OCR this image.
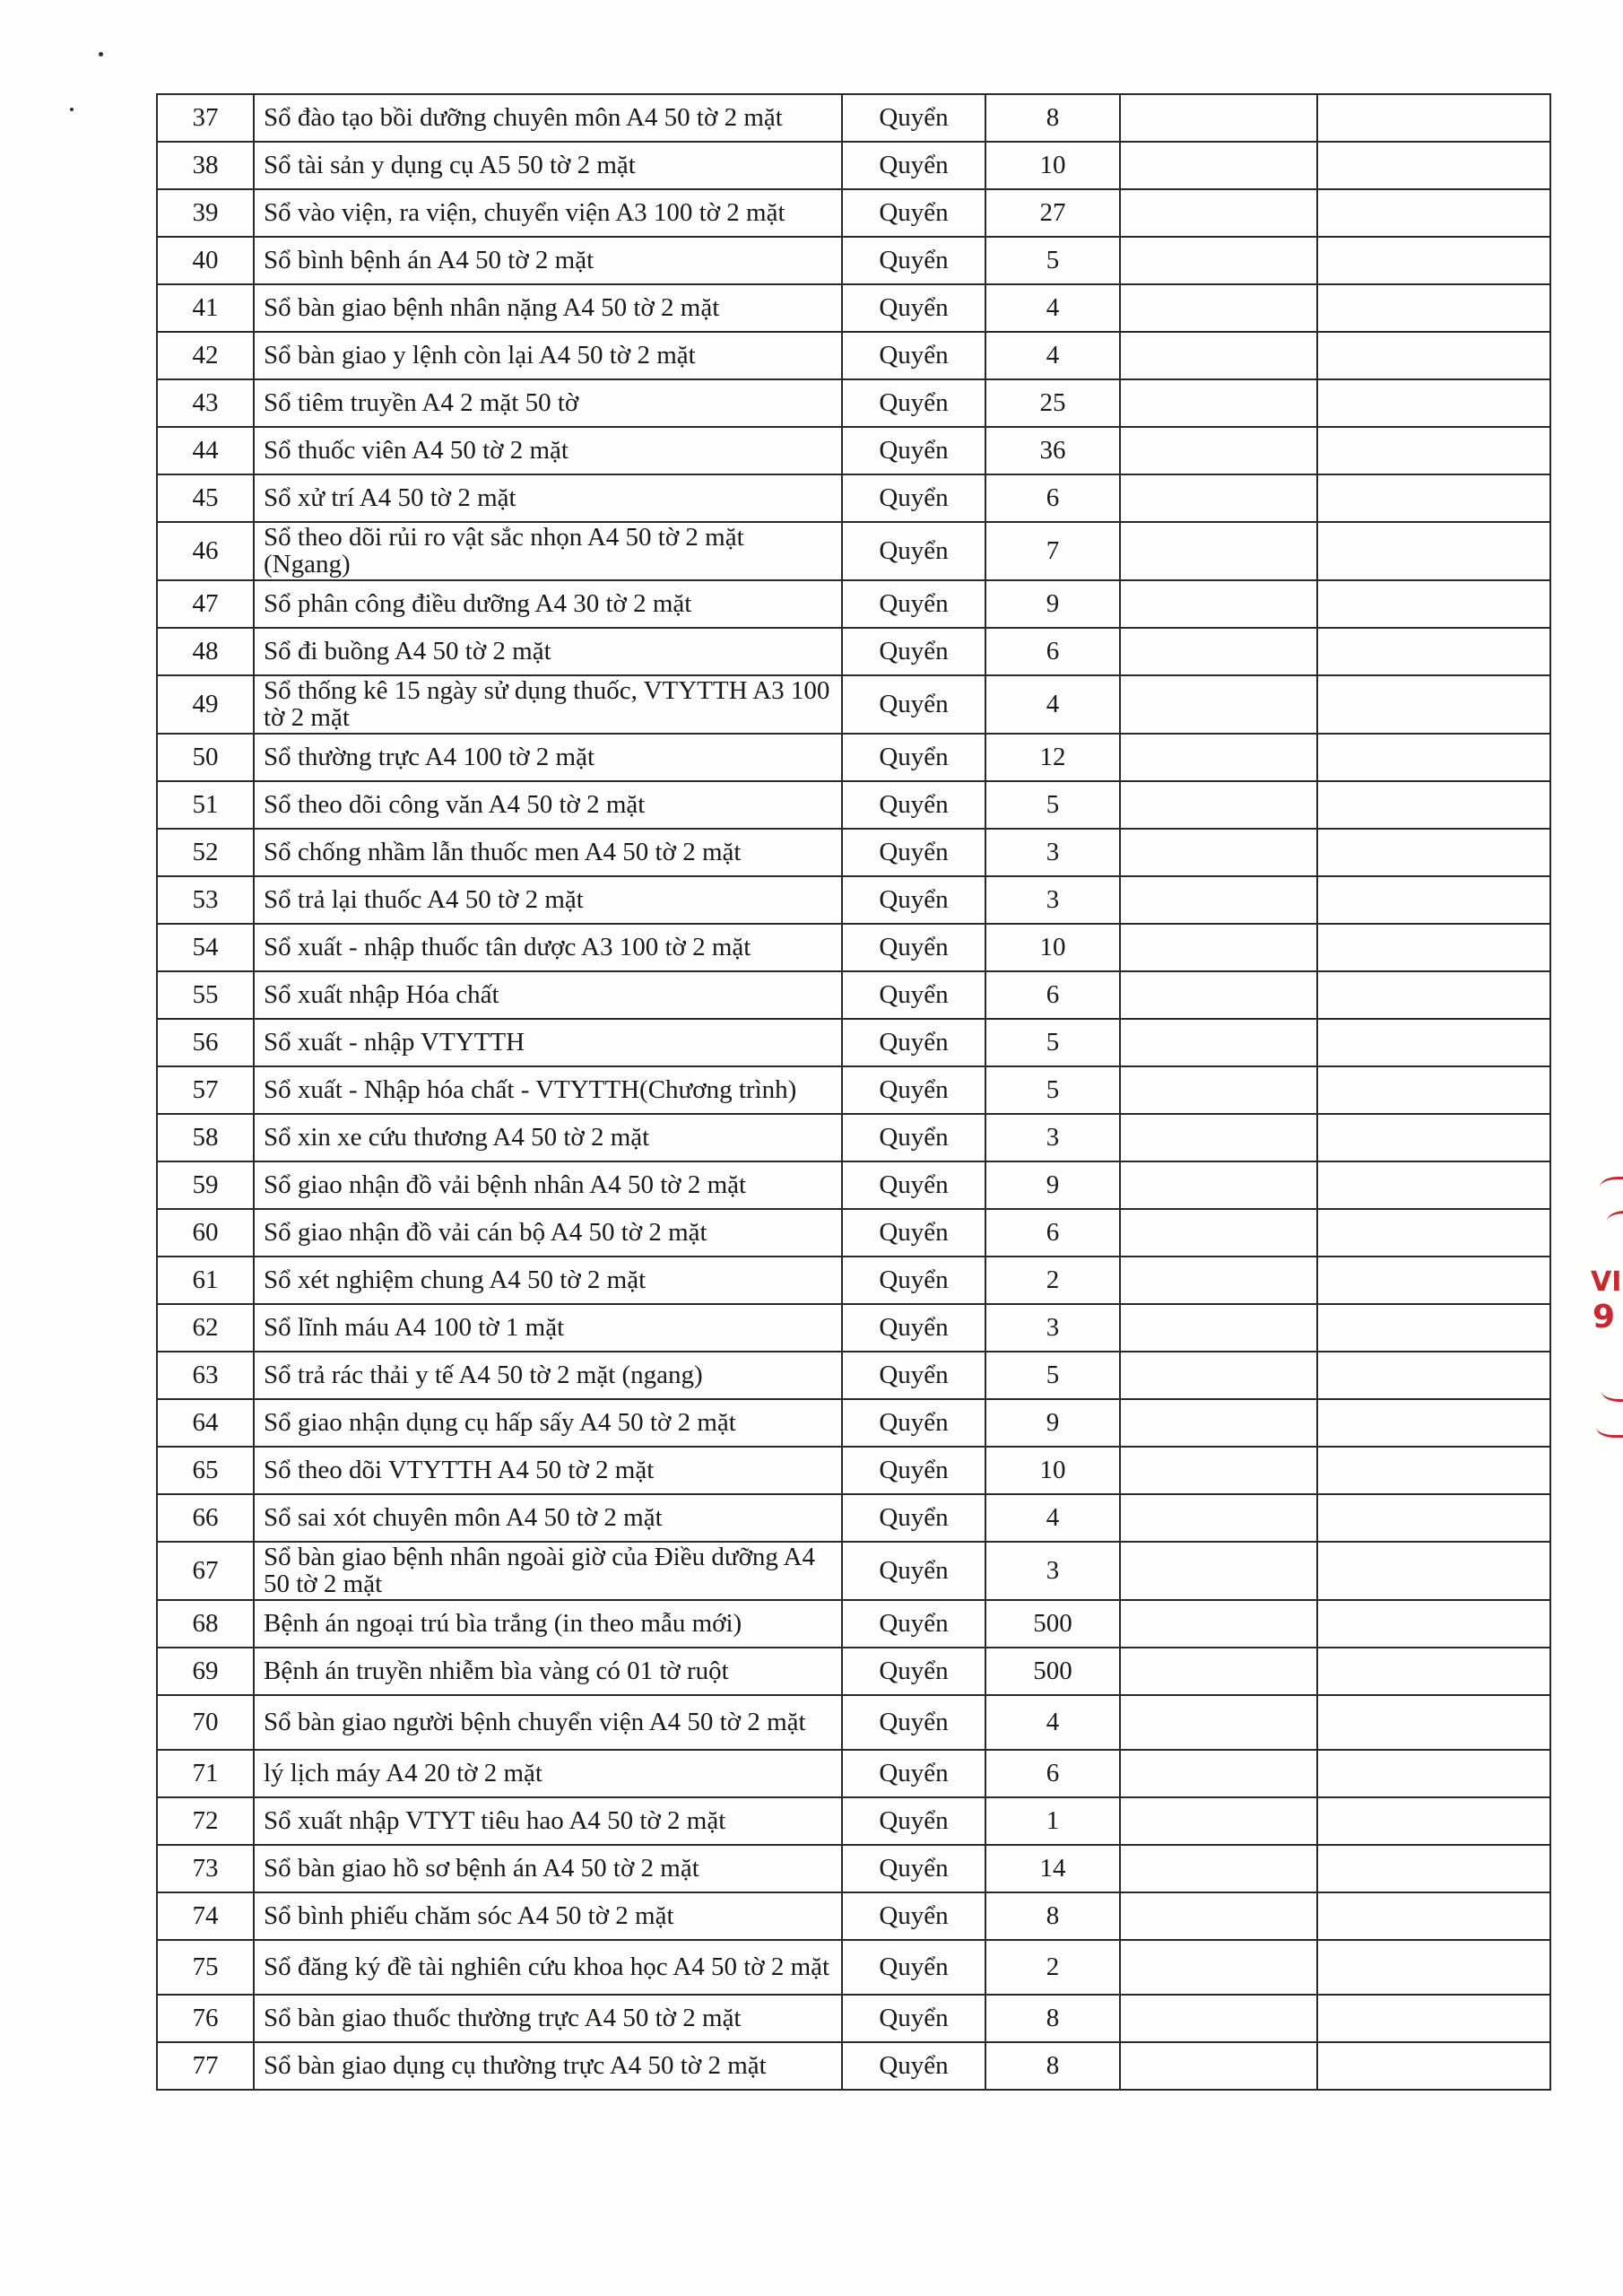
37	Sổ đào tạo bồi dưỡng chuyên môn A4 50 tờ 2 mặt	Quyển	8		
38	Sổ tài sản y dụng cụ A5 50 tờ 2 mặt	Quyển	10		
39	Sổ vào viện, ra viện, chuyển viện A3 100 tờ 2 mặt	Quyển	27		
40	Sổ bình bệnh án A4 50 tờ 2 mặt	Quyển	5		
41	Sổ bàn giao bệnh nhân nặng A4 50 tờ 2 mặt	Quyển	4		
42	Sổ bàn giao y lệnh còn lại A4 50 tờ 2 mặt	Quyển	4		
43	Sổ tiêm truyền A4 2 mặt 50 tờ	Quyển	25		
44	Sổ thuốc viên A4 50 tờ 2 mặt	Quyển	36		
45	Sổ xử trí A4 50 tờ 2 mặt	Quyển	6		
46	Sổ theo dõi rủi ro vật sắc nhọn A4 50 tờ 2 mặt (Ngang)	Quyển	7		
47	Sổ phân công điều dưỡng A4 30 tờ 2 mặt	Quyển	9		
48	Sổ đi buồng A4 50 tờ 2 mặt	Quyển	6		
49	Sổ thống kê 15 ngày sử dụng thuốc, VTYTTH A3 100 tờ 2 mặt	Quyển	4		
50	Sổ thường trực A4 100 tờ 2 mặt	Quyển	12		
51	Sổ theo dõi công văn A4 50 tờ 2 mặt	Quyển	5		
52	Sổ chống nhầm lẫn thuốc men A4 50 tờ 2 mặt	Quyển	3		
53	Sổ trả lại thuốc A4 50 tờ 2 mặt	Quyển	3		
54	Sổ xuất - nhập thuốc tân dược A3 100 tờ 2 mặt	Quyển	10		
55	Sổ xuất nhập Hóa chất	Quyển	6		
56	Sổ xuất - nhập VTYTTH	Quyển	5		
57	Sổ xuất - Nhập hóa chất - VTYTTH(Chương trình)	Quyển	5		
58	Sổ xin xe cứu thương A4 50 tờ 2 mặt	Quyển	3		
59	Sổ giao nhận đồ vải bệnh nhân A4 50 tờ 2 mặt	Quyển	9		
60	Sổ giao nhận đồ vải cán bộ A4 50 tờ 2 mặt	Quyển	6		
61	Sổ xét nghiệm chung A4 50 tờ 2 mặt	Quyển	2		
62	Sổ lĩnh máu A4 100 tờ 1 mặt	Quyển	3		
63	Sổ trả rác thải y tế A4 50 tờ 2 mặt (ngang)	Quyển	5		
64	Sổ giao nhận dụng cụ hấp sấy A4 50 tờ 2 mặt	Quyển	9		
65	Sổ theo dõi VTYTTH A4 50 tờ 2 mặt	Quyển	10		
66	Sổ sai xót chuyên môn A4 50 tờ 2 mặt	Quyển	4		
67	Sổ bàn giao bệnh nhân ngoài giờ của Điều dưỡng A4 50 tờ 2 mặt	Quyển	3		
68	Bệnh án ngoại trú bìa trắng (in theo mẫu mới)	Quyển	500		
69	Bệnh án truyền nhiễm bìa vàng có 01 tờ ruột	Quyển	500		
70	Sổ bàn giao người bệnh chuyển viện A4 50 tờ 2 mặt	Quyển	4		
71	lý lịch máy A4 20 tờ 2 mặt	Quyển	6		
72	Sổ xuất nhập VTYT tiêu hao A4 50 tờ 2 mặt	Quyển	1		
73	Sổ bàn giao hồ sơ bệnh án A4 50 tờ 2 mặt	Quyển	14		
74	Sổ bình phiếu chăm sóc A4 50 tờ 2 mặt	Quyển	8		
75	Sổ đăng ký đề tài nghiên cứu khoa học A4 50 tờ 2 mặt	Quyển	2		
76	Sổ bàn giao thuốc thường trực A4 50 tờ 2 mặt	Quyển	8		
77	Sổ bàn giao dụng cụ thường trực A4 50 tờ 2 mặt	Quyển	8		
VI
9
